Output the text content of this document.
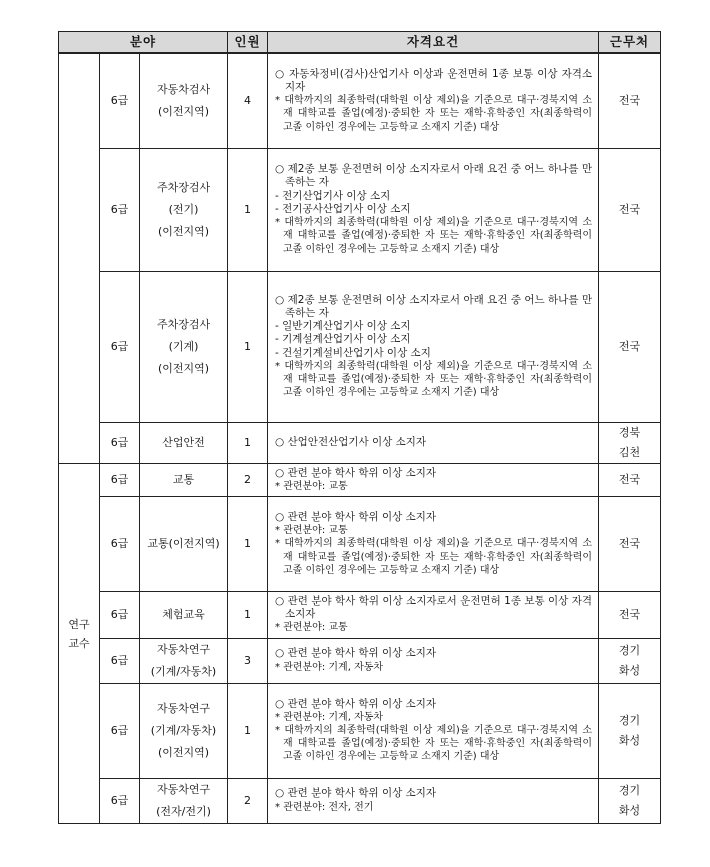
분야			인원	자격요건	근무처
	6급	자동차검사
(이전지역)	4	○ 자동차정비(검사)산업기사 이상과 운전면허 1종 보통 이상 자격소지자
* 대학까지의 최종학력(대학원 이상 제외)을 기준으로 대구·경북지역 소재 대학교를 졸업(예정)·중퇴한 자 또는 재학·휴학중인 자(최종학력이 고졸 이하인 경우에는 고등학교 소재지 기준) 대상	전국

	6급	주차장검사
(전기)
(이전지역)	1	○ 제2종 보통 운전면허 이상 소지자로서 아래 요건 중 어느 하나를 만족하는 자
- 전기산업기사 이상 소지
- 전기공사산업기사 이상 소지
* 대학까지의 최종학력(대학원 이상 제외)을 기준으로 대구·경북지역 소재 대학교를 졸업(예정)·중퇴한 자 또는 재학·휴학중인 자(최종학력이 고졸 이하인 경우에는 고등학교 소재지 기준) 대상	전국

	6급	주차장검사
(기계)
(이전지역)	1	○ 제2종 보통 운전면허 이상 소지자로서 아래 요건 중 어느 하나를 만족하는 자
- 일반기계산업기사 이상 소지
- 기계설계산업기사 이상 소지
- 건설기계설비산업기사 이상 소지
* 대학까지의 최종학력(대학원 이상 제외)을 기준으로 대구·경북지역 소재 대학교를 졸업(예정)·중퇴한 자 또는 재학·휴학중인 자(최종학력이 고졸 이하인 경우에는 고등학교 소재지 기준) 대상	전국

	6급	산업안전	1	○ 산업안전산업기사 이상 소지자	경북
김천

연구
교수	6급	교통	2	○ 관련 분야 학사 학위 이상 소지자
* 관련분야: 교통	전국

	6급	교통(이전지역)	1	○ 관련 분야 학사 학위 이상 소지자
* 관련분야: 교통
* 대학까지의 최종학력(대학원 이상 제외)을 기준으로 대구·경북지역 소재 대학교를 졸업(예정)·중퇴한 자 또는 재학·휴학중인 자(최종학력이 고졸 이하인 경우에는 고등학교 소재지 기준) 대상	전국

	6급	체험교육	1	○ 관련 분야 학사 학위 이상 소지자로서 운전면허 1종 보통 이상 자격소지자
* 관련분야: 교통	전국

	6급	자동차연구
(기계/자동차)	3	○ 관련 분야 학사 학위 이상 소지자
* 관련분야: 기계, 자동차	경기
화성

	6급	자동차연구
(기계/자동차)
(이전지역)	1	○ 관련 분야 학사 학위 이상 소지자
* 관련분야: 기계, 자동차
* 대학까지의 최종학력(대학원 이상 제외)을 기준으로 대구·경북지역 소재 대학교를 졸업(예정)·중퇴한 자 또는 재학·휴학중인 자(최종학력이 고졸 이하인 경우에는 고등학교 소재지 기준) 대상	경기
화성

	6급	자동차연구
(전자/전기)	2	○ 관련 분야 학사 학위 이상 소지자
* 관련분야: 전자, 전기	경기
화성
